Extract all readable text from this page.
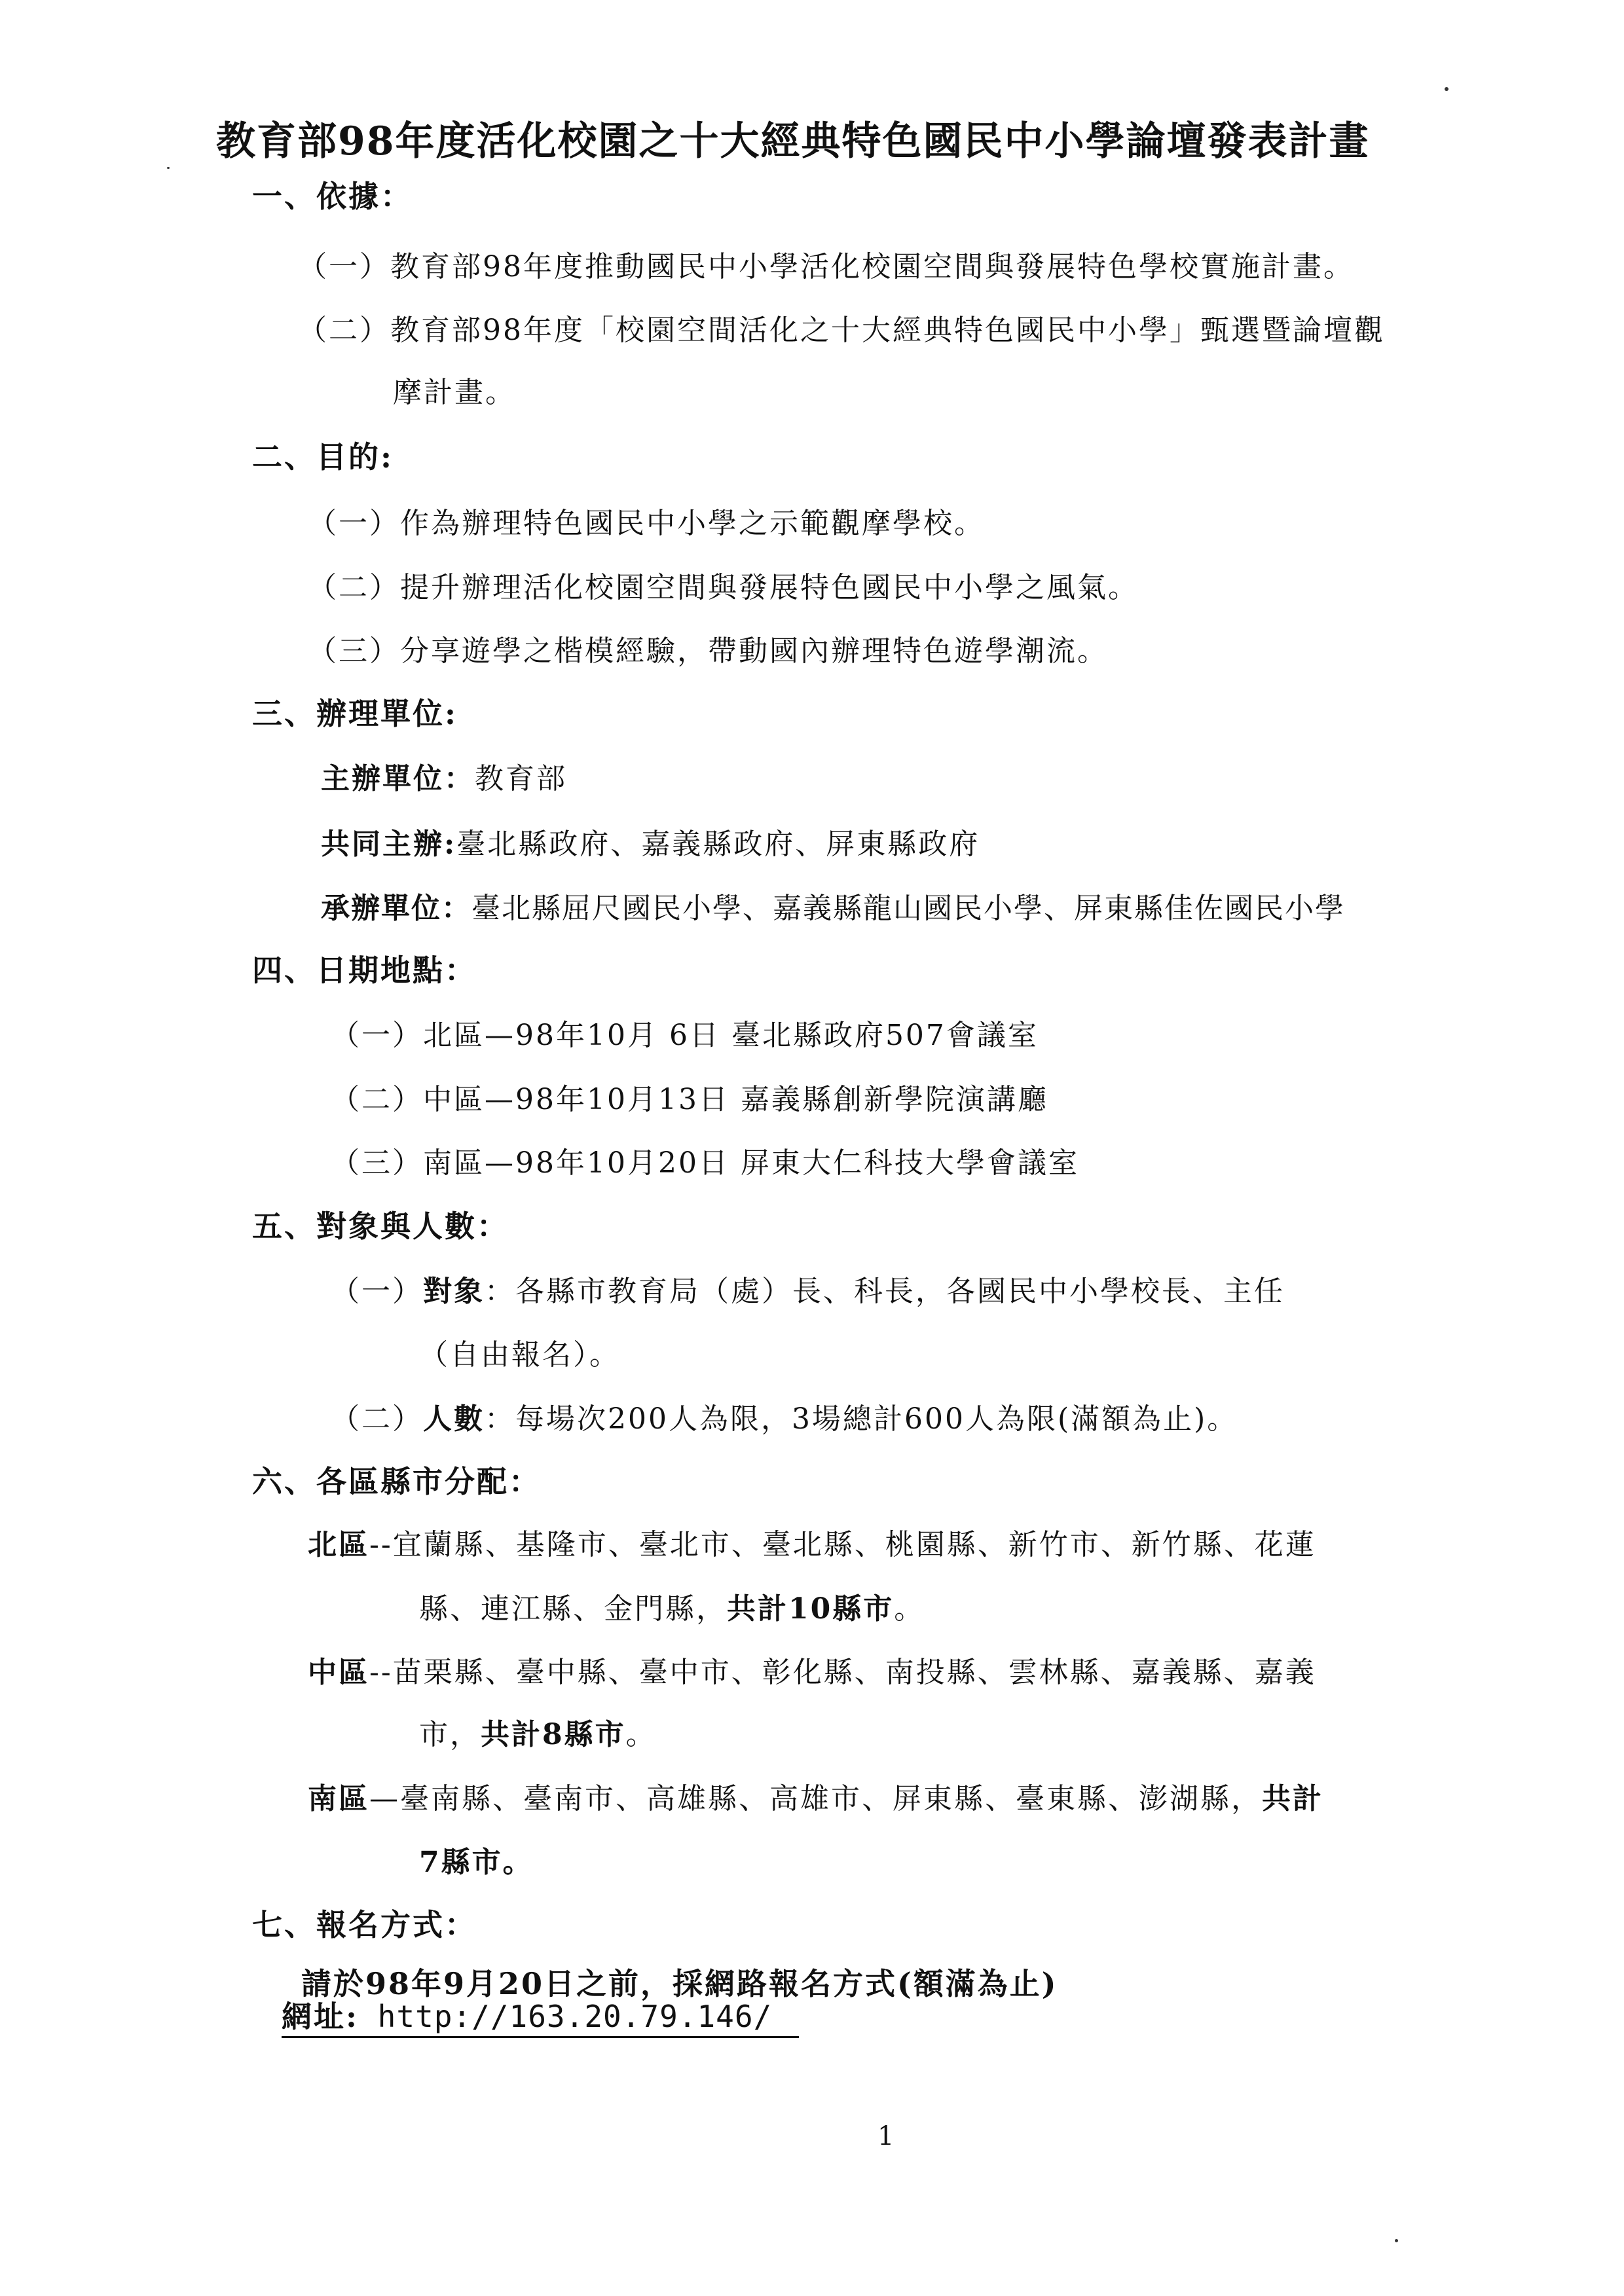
教育部98年度活化校園之十大經典特色國民中小學論壇發表計畫
一、依據：
（一）教育部98年度推動國民中小學活化校園空間與發展特色學校實施計畫。
（二）教育部98年度「校園空間活化之十大經典特色國民中小學」甄選暨論壇觀
摩計畫。
二、目的:
（一）作為辦理特色國民中小學之示範觀摩學校。
（二）提升辦理活化校園空間與發展特色國民中小學之風氣。
（三）分享遊學之楷模經驗，帶動國內辦理特色遊學潮流。
三、辦理單位:
主辦單位：教育部
共同主辦:臺北縣政府、嘉義縣政府、屏東縣政府
承辦單位：臺北縣屈尺國民小學、嘉義縣龍山國民小學、屏東縣佳佐國民小學
四、日期地點：
（一）北區—98年10月 6日 臺北縣政府507會議室
（二）中區—98年10月13日 嘉義縣創新學院演講廳
（三）南區—98年10月20日 屏東大仁科技大學會議室
五、對象與人數：
（一）對象：各縣市教育局（處）長、科長，各國民中小學校長、主任
（自由報名）。
（二）人數：每場次200人為限，3場總計600人為限(滿額為止)。
六、各區縣市分配：
北區--宜蘭縣、基隆市、臺北市、臺北縣、桃園縣、新竹市、新竹縣、花蓮
縣、連江縣、金門縣，共計10縣市。
中區--苗栗縣、臺中縣、臺中市、彰化縣、南投縣、雲林縣、嘉義縣、嘉義
市，共計8縣市。
南區—臺南縣、臺南市、高雄縣、高雄市、屏東縣、臺東縣、澎湖縣，共計
7縣市。
七、報名方式：
請於98年9月20日之前，採網路報名方式(額滿為止)
網址: http://163.20.79.146/
1
